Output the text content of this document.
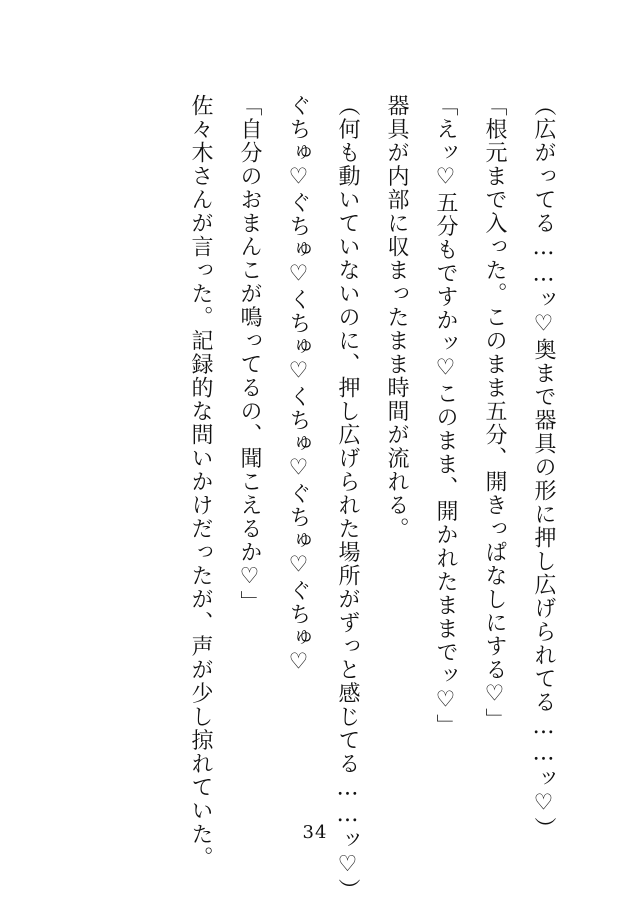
（広がってる……ッ♡奥まで器具の形に押し広げられてる……ッ♡）
「根元まで入った。このまま五分、開きっぱなしにする♡」
「えッ♡五分もですかッ♡このまま、開かれたままでッ♡」
器具が内部に収まったまま時間が流れる。
（何も動いていないのに、押し広げられた場所がずっと感じてる……ッ♡）
ぐちゅ♡ぐちゅ♡くちゅ♡くちゅ♡ぐちゅ♡ぐちゅ♡
「自分のおまんこが鳴ってるの、聞こえるか♡」
佐々木さんが言った。記録的な問いかけだったが、声が少し掠れていた。	34
